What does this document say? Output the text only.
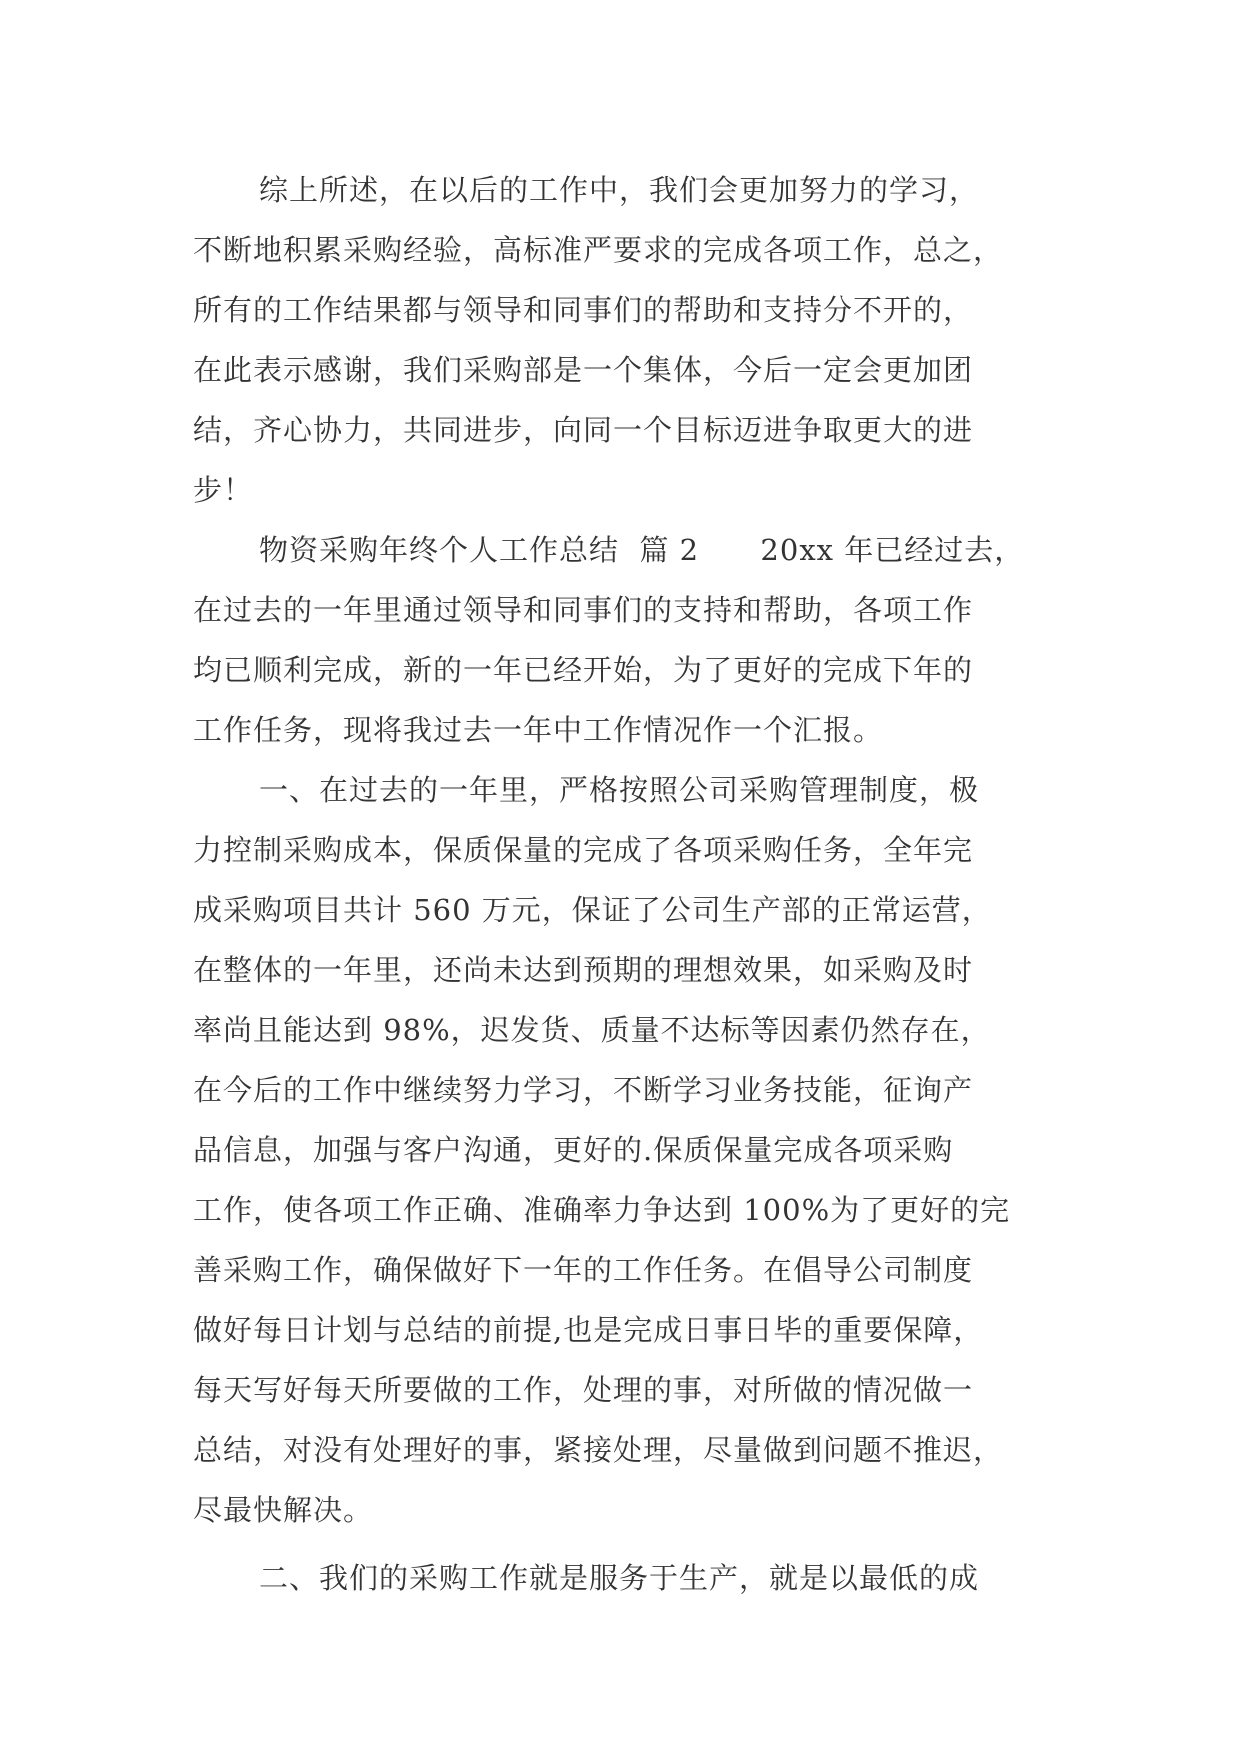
综上所述，在以后的工作中，我们会更加努力的学习，
不断地积累采购经验，高标准严要求的完成各项工作，总之，
所有的工作结果都与领导和同事们的帮助和支持分不开的，
在此表示感谢，我们采购部是一个集体，今后一定会更加团
结，齐心协力，共同进步，向同一个目标迈进争取更大的进
步！

物资采购年终个人工作总结  篇 2      20xx 年已经过去，
在过去的一年里通过领导和同事们的支持和帮助，各项工作
均已顺利完成，新的一年已经开始，为了更好的完成下年的
工作任务，现将我过去一年中工作情况作一个汇报。

一、在过去的一年里，严格按照公司采购管理制度，极
力控制采购成本，保质保量的完成了各项采购任务，全年完
成采购项目共计 560 万元，保证了公司生产部的正常运营，
在整体的一年里，还尚未达到预期的理想效果，如采购及时
率尚且能达到 98%，迟发货、质量不达标等因素仍然存在，
在今后的工作中继续努力学习，不断学习业务技能，征询产
品信息，加强与客户沟通，更好的.保质保量完成各项采购
工作，使各项工作正确、准确率力争达到 100%为了更好的完
善采购工作，确保做好下一年的工作任务。在倡导公司制度
做好每日计划与总结的前提,也是完成日事日毕的重要保障，
每天写好每天所要做的工作，处理的事，对所做的情况做一
总结，对没有处理好的事，紧接处理，尽量做到问题不推迟，
尽最快解决。

二、我们的采购工作就是服务于生产，就是以最低的成
